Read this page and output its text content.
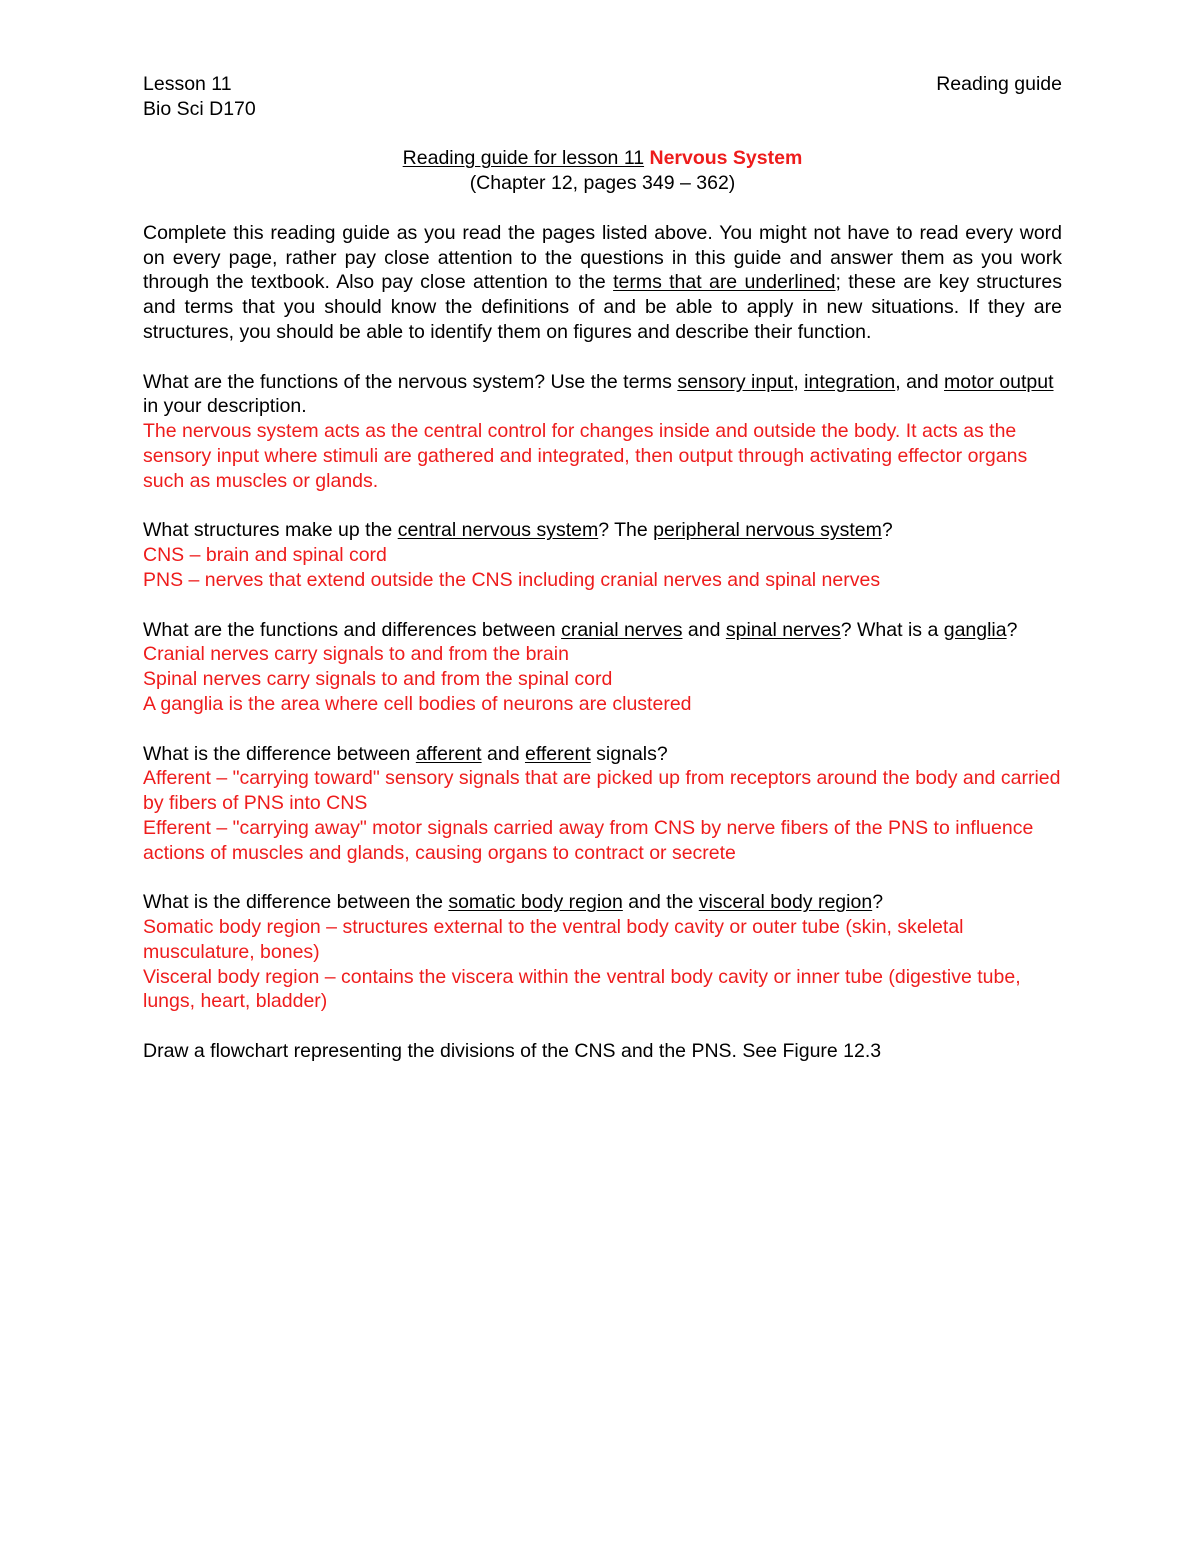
Lesson 11	Reading guide

Bio Sci D170

Reading guide for lesson 11 Nervous System

(Chapter 12, pages 349 – 362)

Complete this reading guide as you read the pages listed above. You might not have to read every word on every page, rather pay close attention to the questions in this guide and answer them as you work through the textbook. Also pay close attention to the terms that are underlined; these are key structures and terms that you should know the definitions of and be able to apply in new situations. If they are structures, you should be able to identify them on figures and describe their function.

What are the functions of the nervous system? Use the terms sensory input, integration, and motor output in your description.

The nervous system acts as the central control for changes inside and outside the body. It acts as the sensory input where stimuli are gathered and integrated, then output through activating effector organs such as muscles or glands.

What structures make up the central nervous system? The peripheral nervous system?

CNS – brain and spinal cord

PNS – nerves that extend outside the CNS including cranial nerves and spinal nerves

What are the functions and differences between cranial nerves and spinal nerves? What is a ganglia?

Cranial nerves carry signals to and from the brain

Spinal nerves carry signals to and from the spinal cord

A ganglia is the area where cell bodies of neurons are clustered

What is the difference between afferent and efferent signals?

Afferent – "carrying toward" sensory signals that are picked up from receptors around the body and carried by fibers of PNS into CNS

Efferent – "carrying away" motor signals carried away from CNS by nerve fibers of the PNS to influence actions of muscles and glands, causing organs to contract or secrete

What is the difference between the somatic body region and the visceral body region?

Somatic body region – structures external to the ventral body cavity or outer tube (skin, skeletal musculature, bones)

Visceral body region – contains the viscera within the ventral body cavity or inner tube (digestive tube, lungs, heart, bladder)

Draw a flowchart representing the divisions of the CNS and the PNS. See Figure 12.3
